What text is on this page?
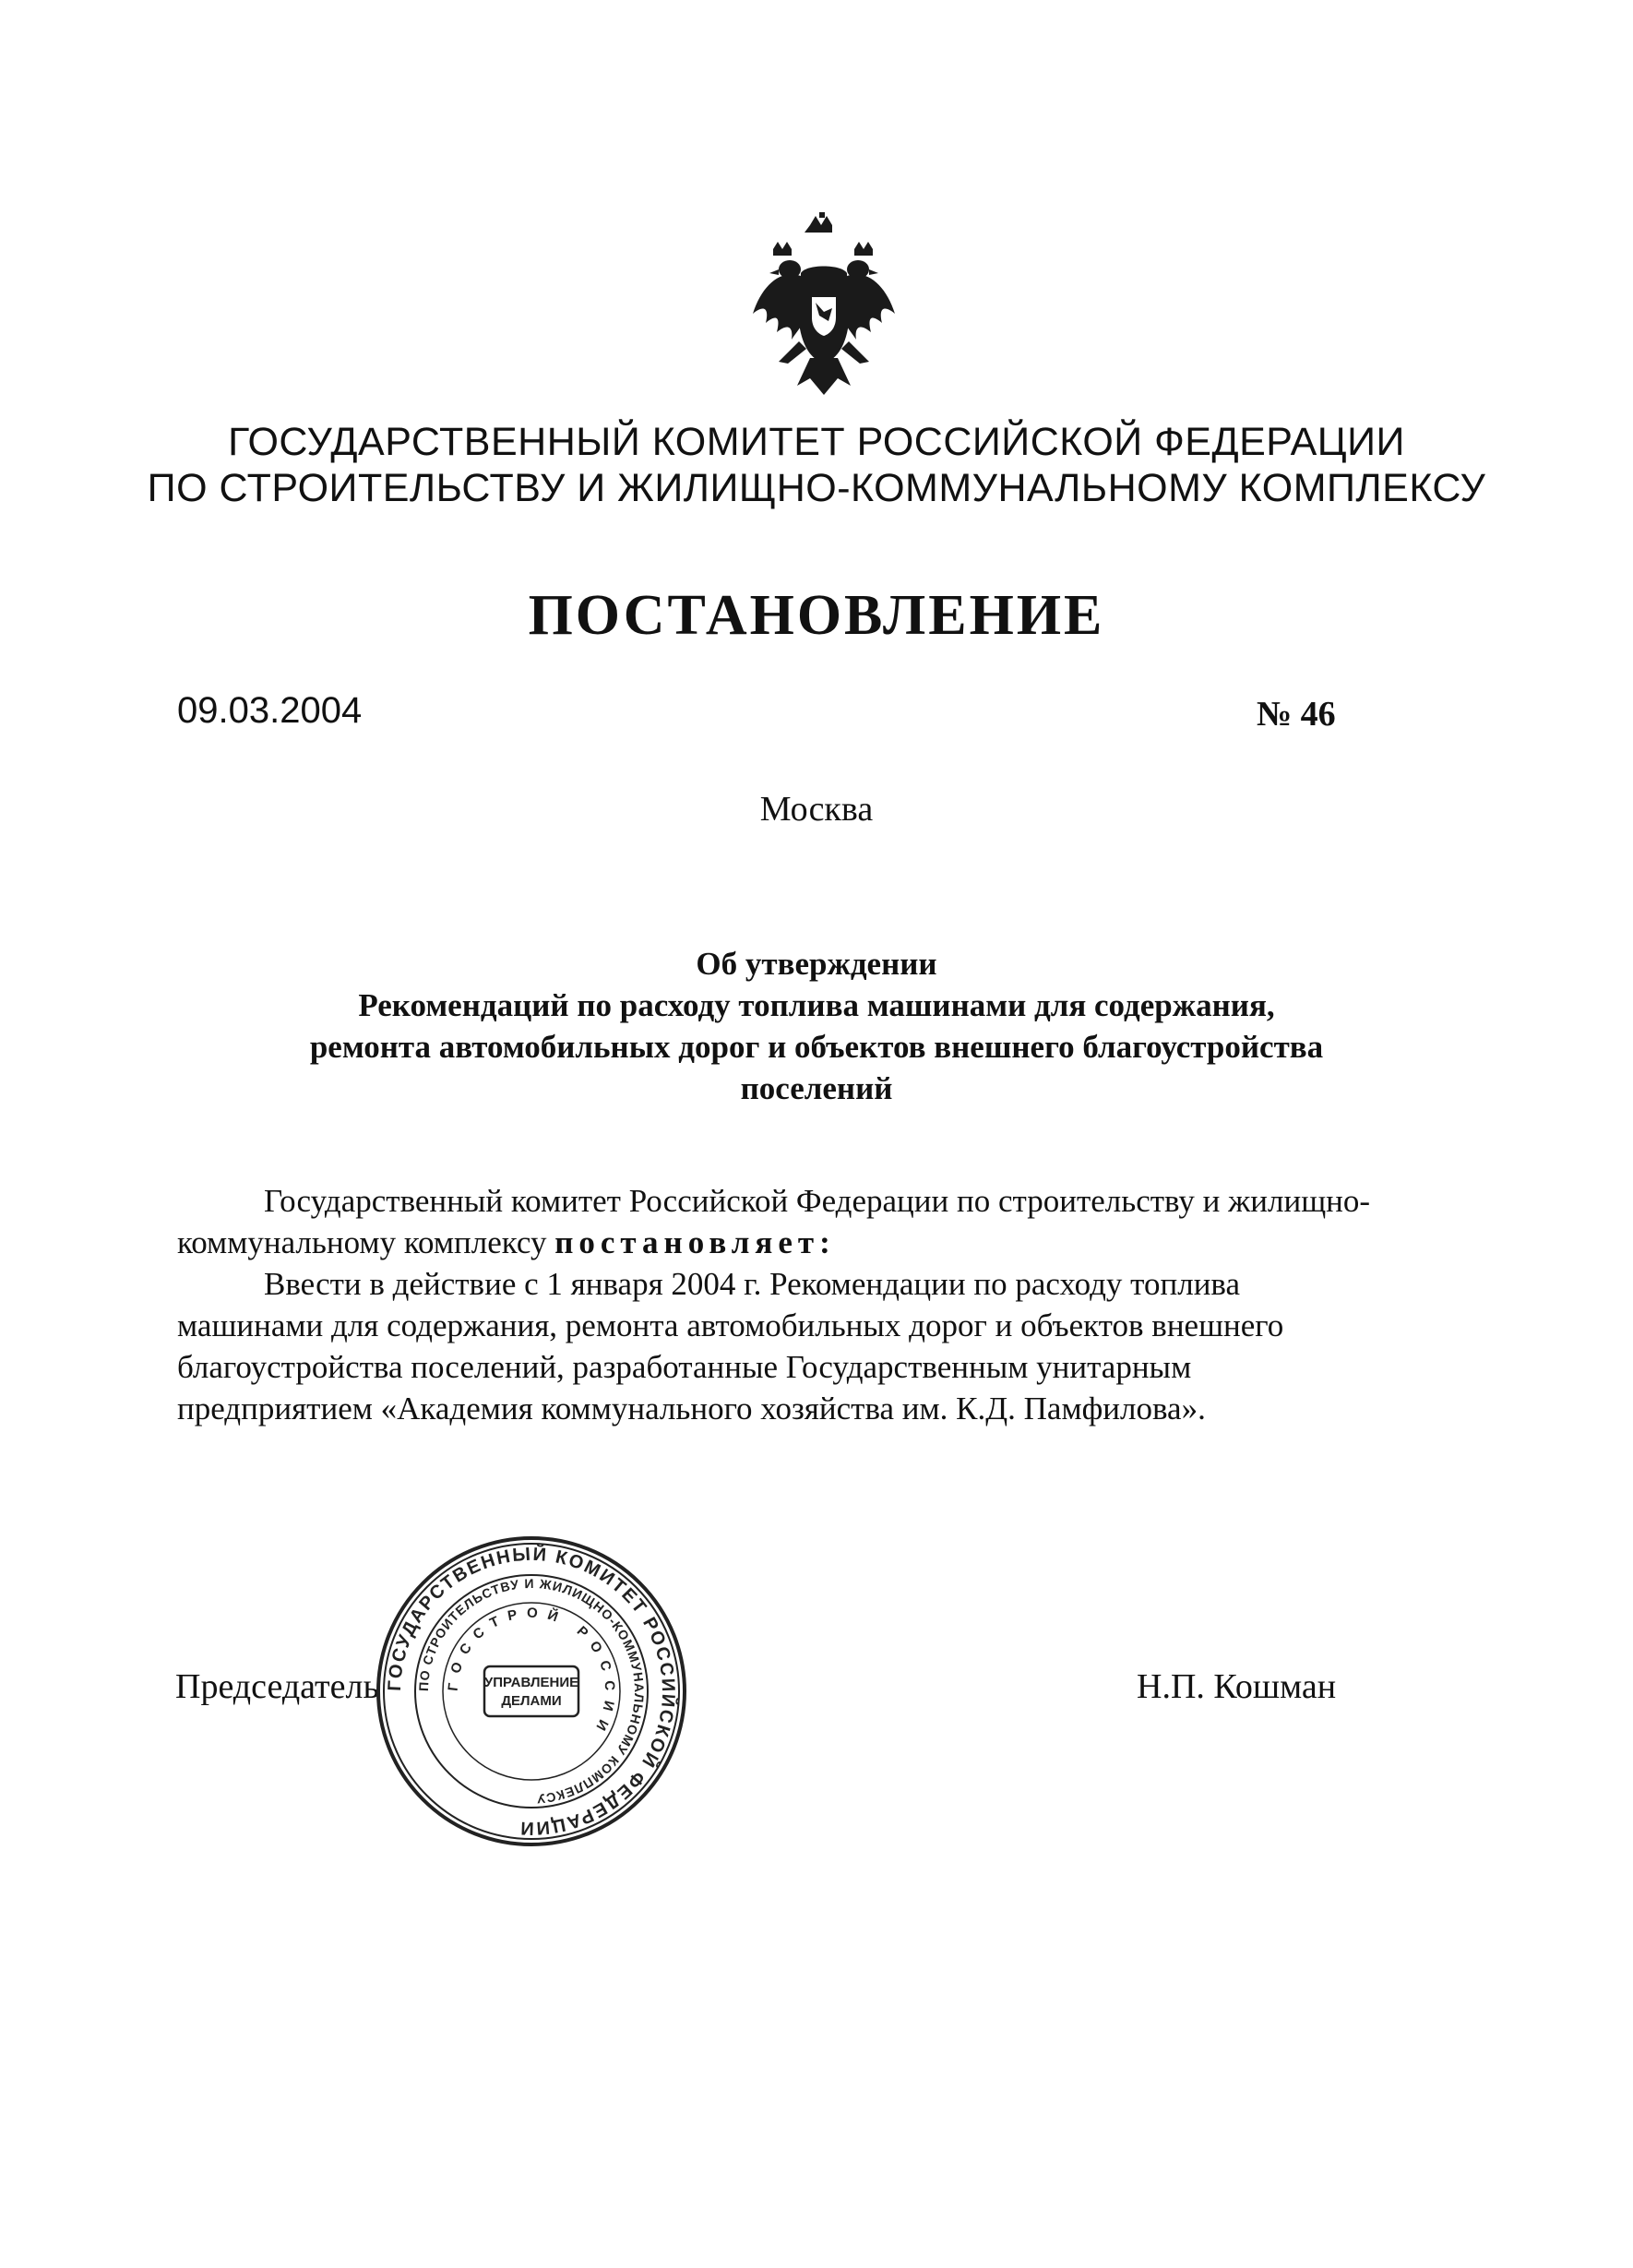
ГОСУДАРСТВЕННЫЙ КОМИТЕТ РОССИЙСКОЙ ФЕДЕРАЦИИ
ПО СТРОИТЕЛЬСТВУ И ЖИЛИЩНО-КОММУНАЛЬНОМУ КОМПЛЕКСУ
ПОСТАНОВЛЕНИЕ
09.03.2004	№ 46
Москва
Об утверждении
Рекомендаций по расходу топлива машинами для содержания,
ремонта автомобильных дорог и объектов внешнего благоустройства
поселений
Государственный комитет Российской Федерации по строительству и жилищно-
коммунальному комплексу
постановляет:
Ввести в действие с 1 января 2004 г. Рекомендации по расходу топлива
машинами для содержания, ремонта автомобильных дорог и объектов внешнего
благоустройства поселений, разработанные Государственным унитарным
предприятием «Академия коммунального хозяйства им. К.Д. Памфилова».
Председатель	Н.П. Кошман
ГОСУДАРСТВЕННЫЙ КОМИТЕТ РОССИЙСКОЙ ФЕДЕРАЦИИ
ПО СТРОИТЕЛЬСТВУ И ЖИЛИЩНО-КОММУНАЛЬНОМУ КОМПЛЕКСУ
ГОССТРОЙ РОССИИ
УПРАВЛЕНИЕ
ДЕЛАМИ
